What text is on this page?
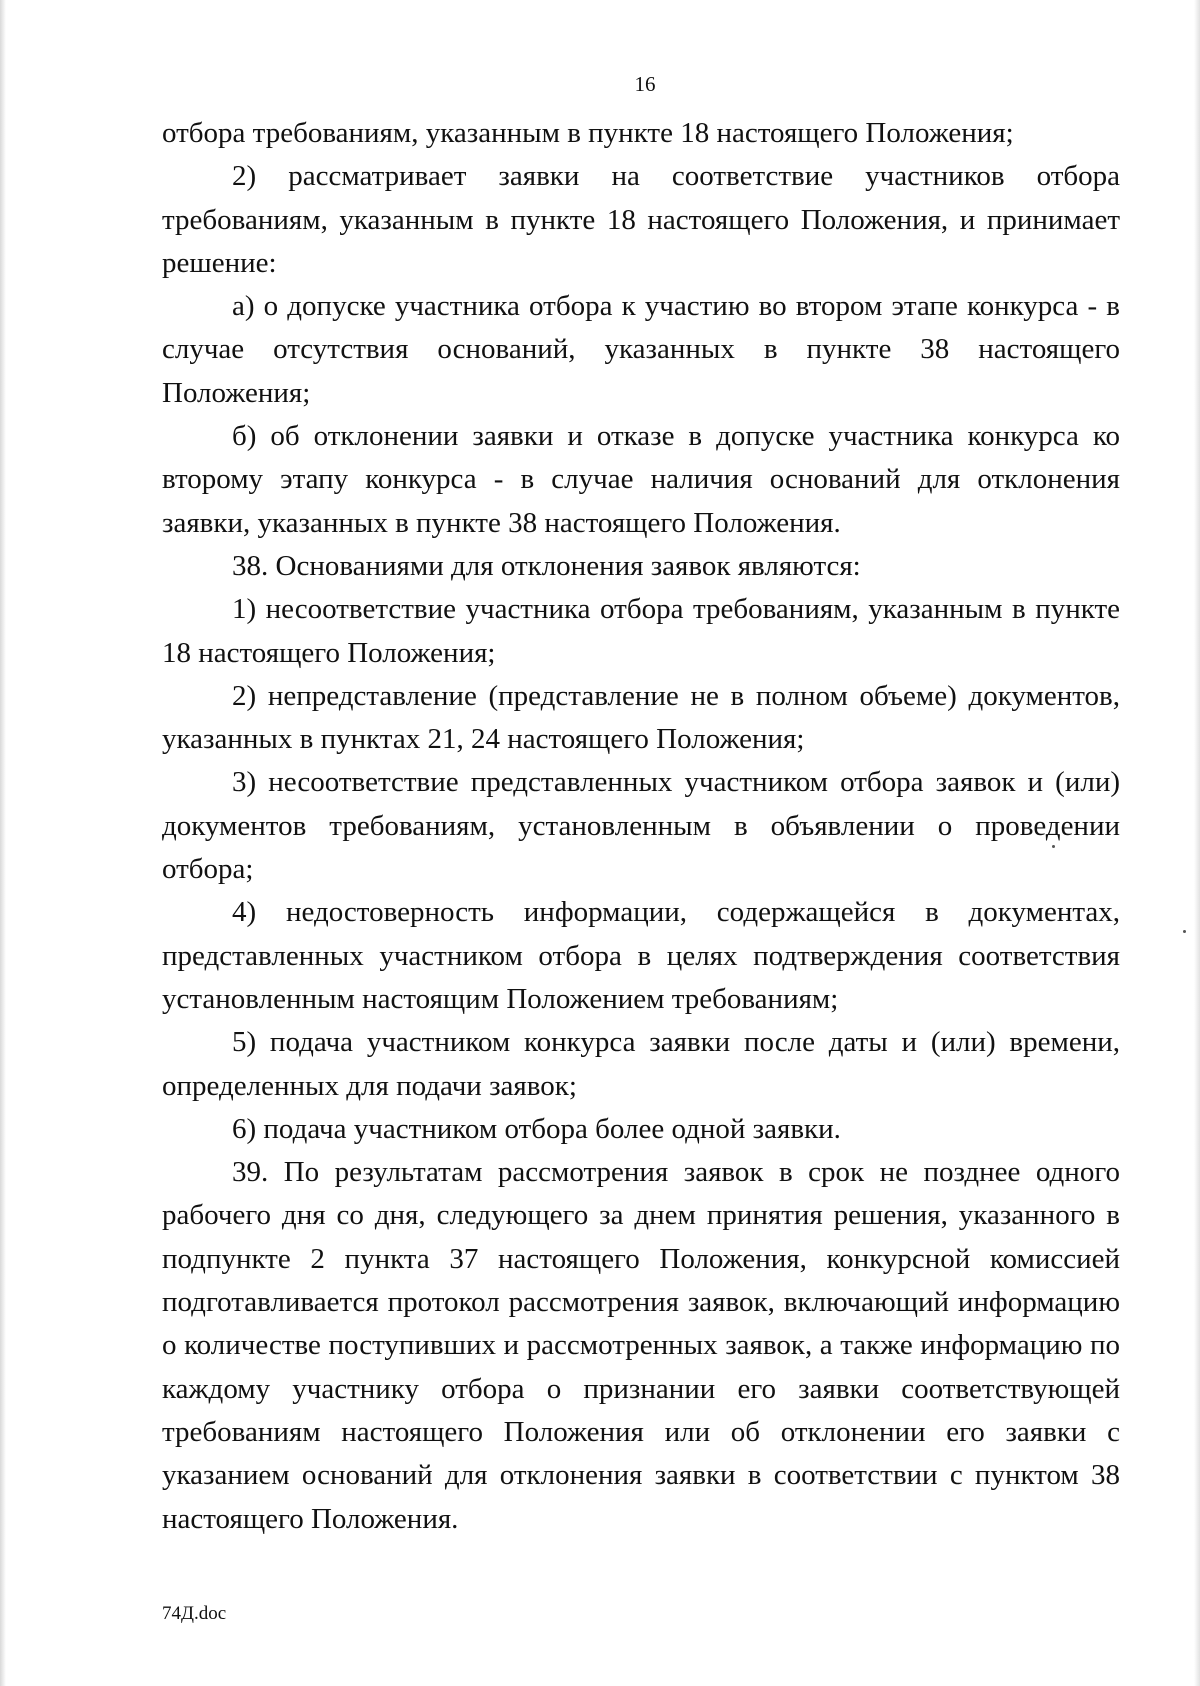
16

отбора требованиям, указанным в пункте 18 настоящего Положения;

2) рассматривает заявки на соответствие участников отбора требованиям, указанным в пункте 18 настоящего Положения, и принимает решение:

а) о допуске участника отбора к участию во втором этапе конкурса - в случае отсутствия оснований, указанных в пункте 38 настоящего Положения;

б) об отклонении заявки и отказе в допуске участника конкурса ко второму этапу конкурса - в случае наличия оснований для отклонения заявки, указанных в пункте 38 настоящего Положения.

38. Основаниями для отклонения заявок являются:

1) несоответствие участника отбора требованиям, указанным в пункте 18 настоящего Положения;

2) непредставление (представление не в полном объеме) документов, указанных в пунктах 21, 24 настоящего Положения;

3) несоответствие представленных участником отбора заявок и (или) документов требованиям, установленным в объявлении о проведении отбора;

4) недостоверность информации, содержащейся в документах, представленных участником отбора в целях подтверждения соответствия установленным настоящим Положением требованиям;

5) подача участником конкурса заявки после даты и (или) времени, определенных для подачи заявок;

6) подача участником отбора более одной заявки.

39. По результатам рассмотрения заявок в срок не позднее одного рабочего дня со дня, следующего за днем принятия решения, указанного в подпункте 2 пункта 37 настоящего Положения, конкурсной комиссией подготавливается протокол рассмотрения заявок, включающий информацию о количестве поступивших и рассмотренных заявок, а также информацию по каждому участнику отбора о признании его заявки соответствующей требованиям настоящего Положения или об отклонении его заявки с указанием оснований для отклонения заявки в соответствии с пунктом 38 настоящего Положения.

74Д.doc
